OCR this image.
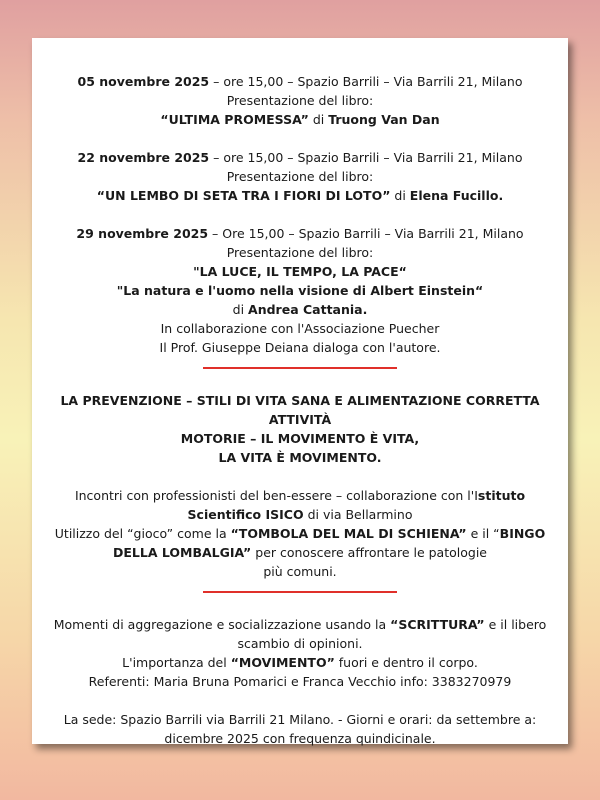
05 novembre 2025 – ore 15,00 – Spazio Barrili – Via Barrili 21, Milano
Presentazione del libro:
“ULTIMA PROMESSA” di Truong Van Dan
22 novembre 2025 – ore 15,00 – Spazio Barrili – Via Barrili 21, Milano
Presentazione del libro:
“UN LEMBO DI SETA TRA I FIORI DI LOTO” di Elena Fucillo.
29 novembre 2025 – Ore 15,00 – Spazio Barrili – Via Barrili 21, Milano
Presentazione del libro:
"LA LUCE, IL TEMPO, LA PACE“
"La natura e l'uomo nella visione di Albert Einstein“
di Andrea Cattania.
In collaborazione con l'Associazione Puecher
Il Prof. Giuseppe Deiana dialoga con l'autore.
LA PREVENZIONE – STILI DI VITA SANA E ALIMENTAZIONE CORRETTA ATTIVITÀ
MOTORIE – IL MOVIMENTO È VITA,
LA VITA È MOVIMENTO.
Incontri con professionisti del ben-essere – collaborazione con l'Istituto
Scientifico ISICO di via Bellarmino
Utilizzo del “gioco” come la “TOMBOLA DEL MAL DI SCHIENA” e il “BINGO
DELLA LOMBALGIA” per conoscere affrontare le patologie
più comuni.
Momenti di aggregazione e socializzazione usando la “SCRITTURA” e il libero
scambio di opinioni.
L'importanza del “MOVIMENTO” fuori e dentro il corpo.
Referenti: Maria Bruna Pomarici e Franca Vecchio info: 3383270979
La sede: Spazio Barrili via Barrili 21 Milano. - Giorni e orari: da settembre a:
dicembre 2025 con frequenza quindicinale.
